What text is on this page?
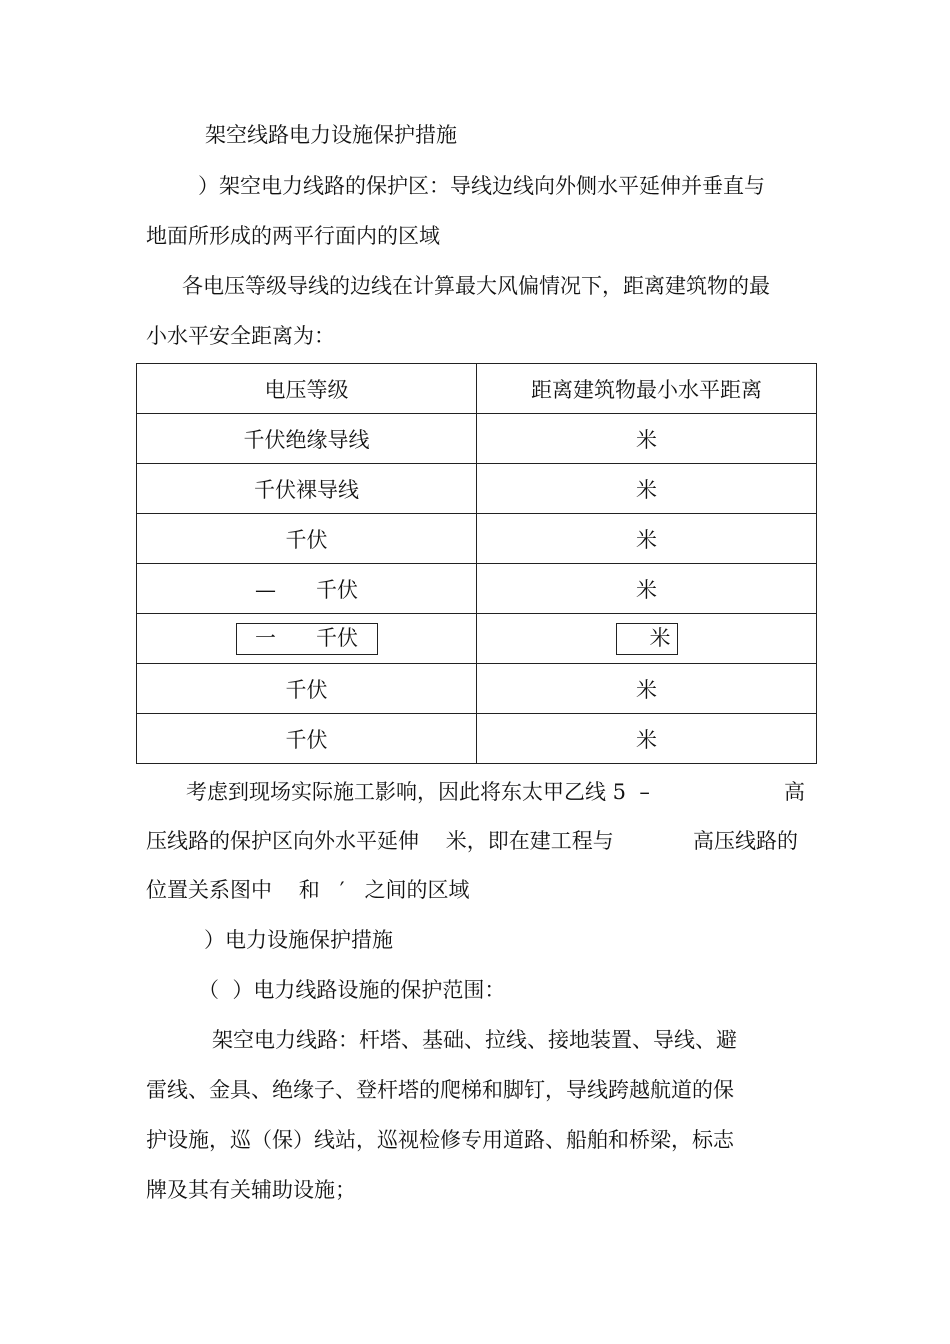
架空线路电力设施保护措施
）架空电力线路的保护区：导线边线向外侧水平延伸并垂直与
地面所形成的两平行面内的区域
各电压等级导线的边线在计算最大风偏情况下，距离建筑物的最
小水平安全距离为：
电压等级	距离建筑物最小水平距离
千伏绝缘导线	米
千伏裸导线	米
千伏	米
—      千伏	米
一      千伏	米
千伏	米
千伏	米
考虑到现场实际施工影响，因此将东太甲乙线 5  –	高
压线路的保护区向外水平延伸    米，即在建工程与	高压线路的
位置关系图中    和   ′   之间的区域
）电力设施保护措施
（  ）电力线路设施的保护范围：
架空电力线路：杆塔、基础、拉线、接地装置、导线、避
雷线、金具、绝缘子、登杆塔的爬梯和脚钉，导线跨越航道的保
护设施，巡（保）线站，巡视检修专用道路、船舶和桥梁，标志
牌及其有关辅助设施；
